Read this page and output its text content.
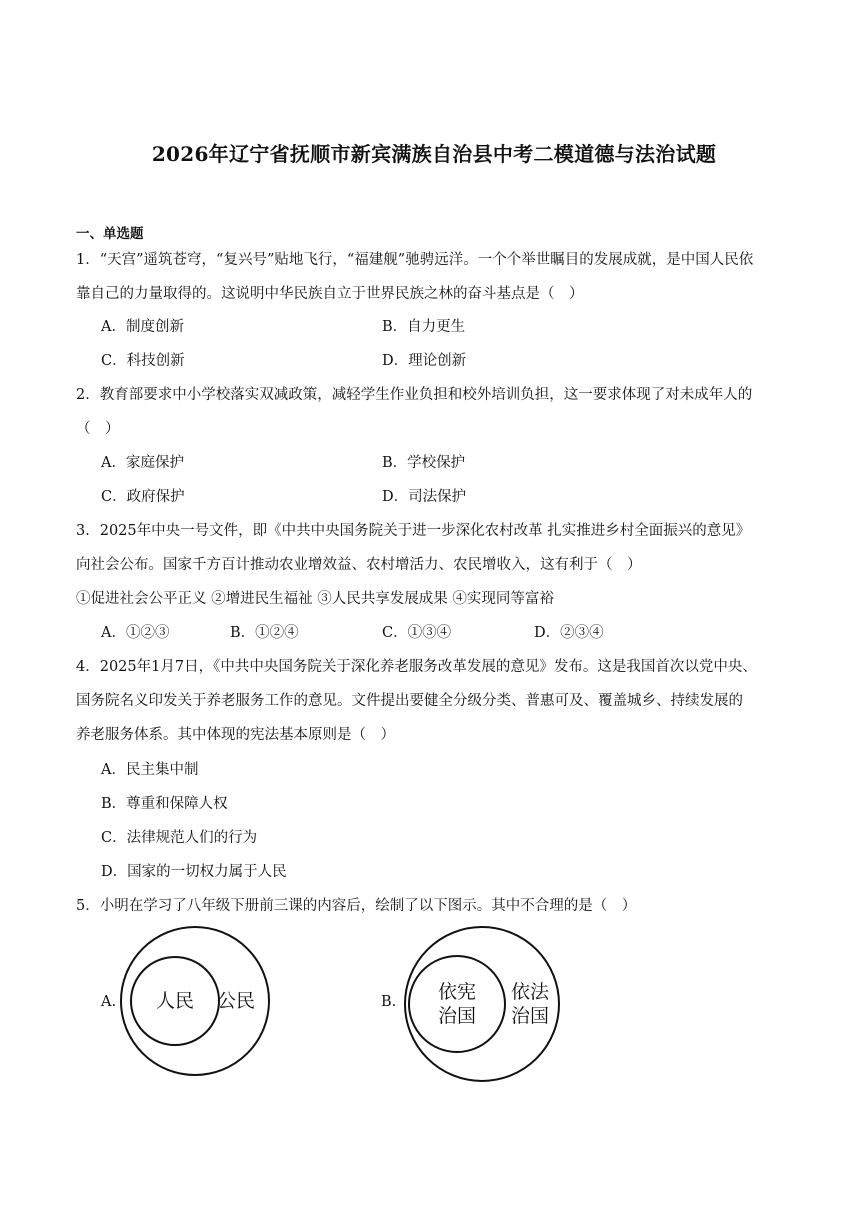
2026年辽宁省抚顺市新宾满族自治县中考二模道德与法治试题
一、单选题
1．“天宫”遥筑苍穹，“复兴号”贴地飞行，“福建舰”驰骋远洋。一个个举世瞩目的发展成就，是中国人民依
靠自己的力量取得的。这说明中华民族自立于世界民族之林的奋斗基点是（　）
A．制度创新	B．自力更生
C．科技创新	D．理论创新
2．教育部要求中小学校落实双减政策，减轻学生作业负担和校外培训负担，这一要求体现了对未成年人的
（　）
A．家庭保护	B．学校保护
C．政府保护	D．司法保护
3．2025年中央一号文件，即《中共中央国务院关于进一步深化农村改革 扎实推进乡村全面振兴的意见》
向社会公布。国家千方百计推动农业增效益、农村增活力、农民增收入，这有利于（　）
①促进社会公平正义 ②增进民生福祉 ③人民共享发展成果 ④实现同等富裕
A．①②③	B．①②④	C．①③④	D．②③④
4．2025年1月7日，《中共中央国务院关于深化养老服务改革发展的意见》发布。这是我国首次以党中央、
国务院名义印发关于养老服务工作的意见。文件提出要健全分级分类、普惠可及、覆盖城乡、持续发展的
养老服务体系。其中体现的宪法基本原则是（　）
A．民主集中制
B．尊重和保障人权
C．法律规范人们的行为
D．国家的一切权力属于人民
5．小明在学习了八年级下册前三课的内容后，绘制了以下图示。其中不合理的是（　）
A.	人民	公民	B.	依宪
治国
依法
治国
